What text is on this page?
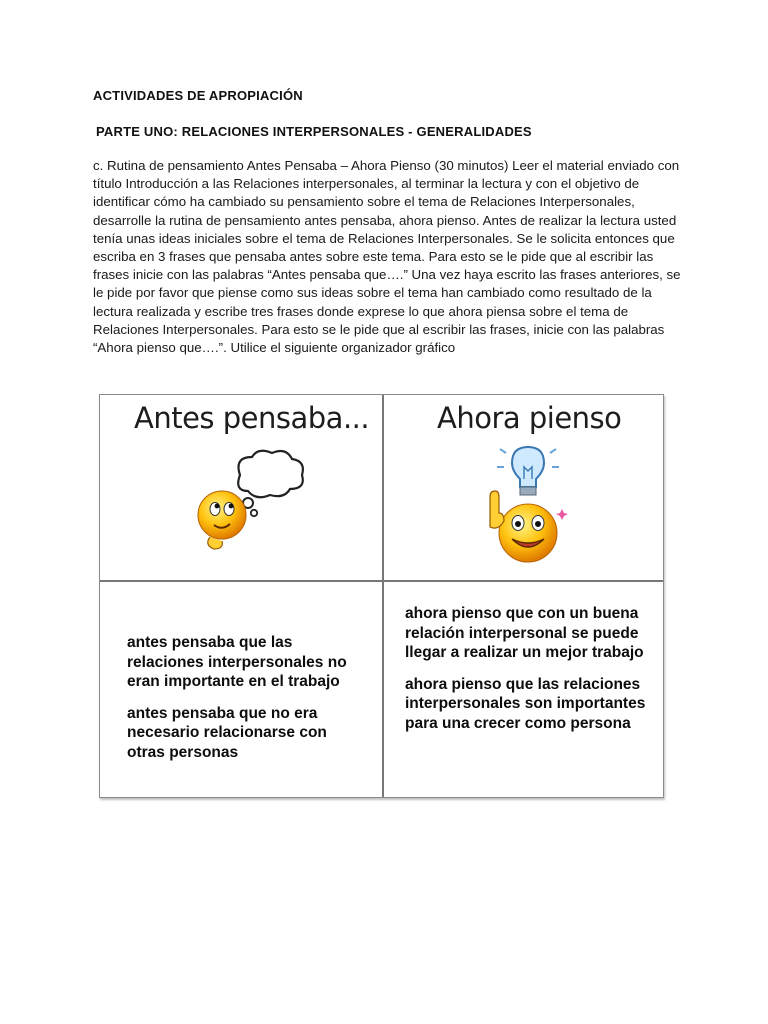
ACTIVIDADES DE APROPIACIÓN
PARTE UNO: RELACIONES INTERPERSONALES - GENERALIDADES

c. Rutina de pensamiento Antes Pensaba – Ahora Pienso (30 minutos) Leer el material enviado con título Introducción a las Relaciones interpersonales, al terminar la lectura y con el objetivo de identificar cómo ha cambiado su pensamiento sobre el tema de Relaciones Interpersonales, desarrolle la rutina de pensamiento antes pensaba, ahora pienso. Antes de realizar la lectura usted tenía unas ideas iniciales sobre el tema de Relaciones Interpersonales. Se le solicita entonces que escriba en 3 frases que pensaba antes sobre este tema. Para esto se le pide que al escribir las frases inicie con las palabras “Antes pensaba que….” Una vez haya escrito las frases anteriores, se le pide por favor que piense como sus ideas sobre el tema han cambiado como resultado de la lectura realizada y escribe tres frases donde exprese lo que ahora piensa sobre el tema de Relaciones Interpersonales. Para esto se le pide que al escribir las frases, inicie con las palabras “Ahora pienso que….”. Utilice el siguiente organizador gráfico

Antes pensaba... Ahora pienso

antes pensaba que las relaciones interpersonales no eran importante en el trabajo

antes pensaba que no era necesario relacionarse con otras personas

ahora pienso que con un buena relación interpersonal se puede llegar a realizar un mejor trabajo

ahora pienso que las relaciones interpersonales son importantes para una crecer como persona
